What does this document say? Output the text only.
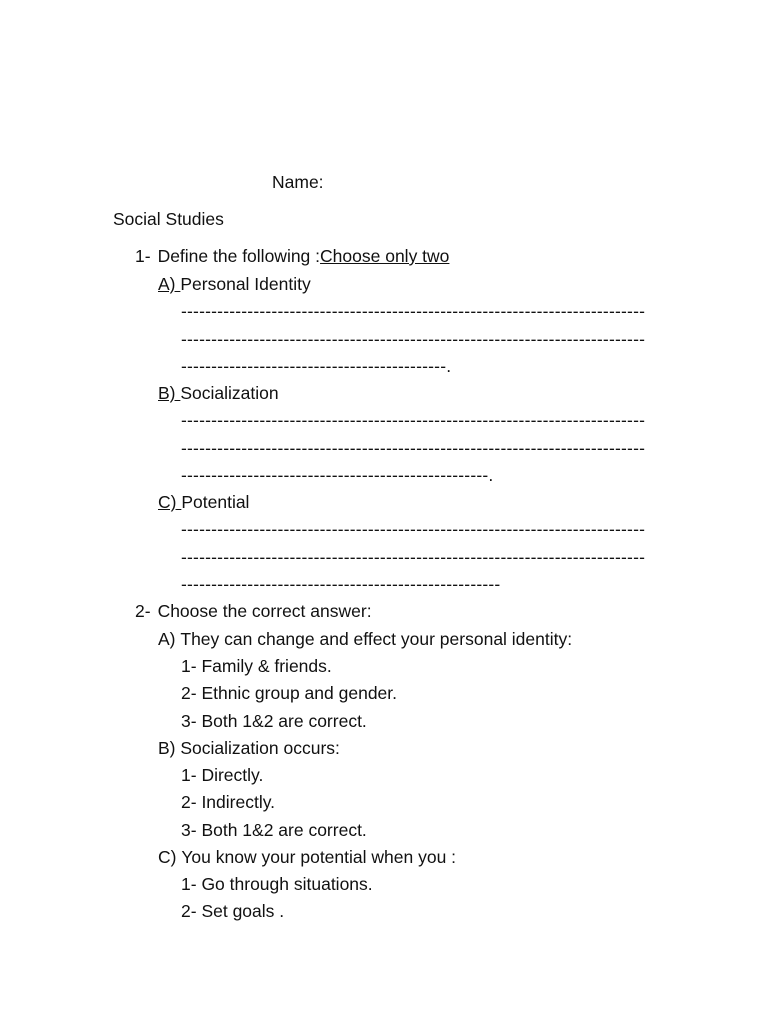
Name:
Social Studies
1- Define the following :Choose only two
A) Personal Identity
-----------------------------------------------------------------------------
-----------------------------------------------------------------------------
--------------------------------------------.
B) Socialization
-----------------------------------------------------------------------------
-----------------------------------------------------------------------------
---------------------------------------------------.
C) Potential
-----------------------------------------------------------------------------
-----------------------------------------------------------------------------
-----------------------------------------------------
2- Choose the correct answer:
A) They can change and effect your personal identity:
1- Family & friends.
2- Ethnic group and gender.
3- Both 1&2 are correct.
B) Socialization occurs:
1- Directly.
2- Indirectly.
3- Both 1&2 are correct.
C) You know your potential when you :
1- Go through situations.
2- Set goals .
